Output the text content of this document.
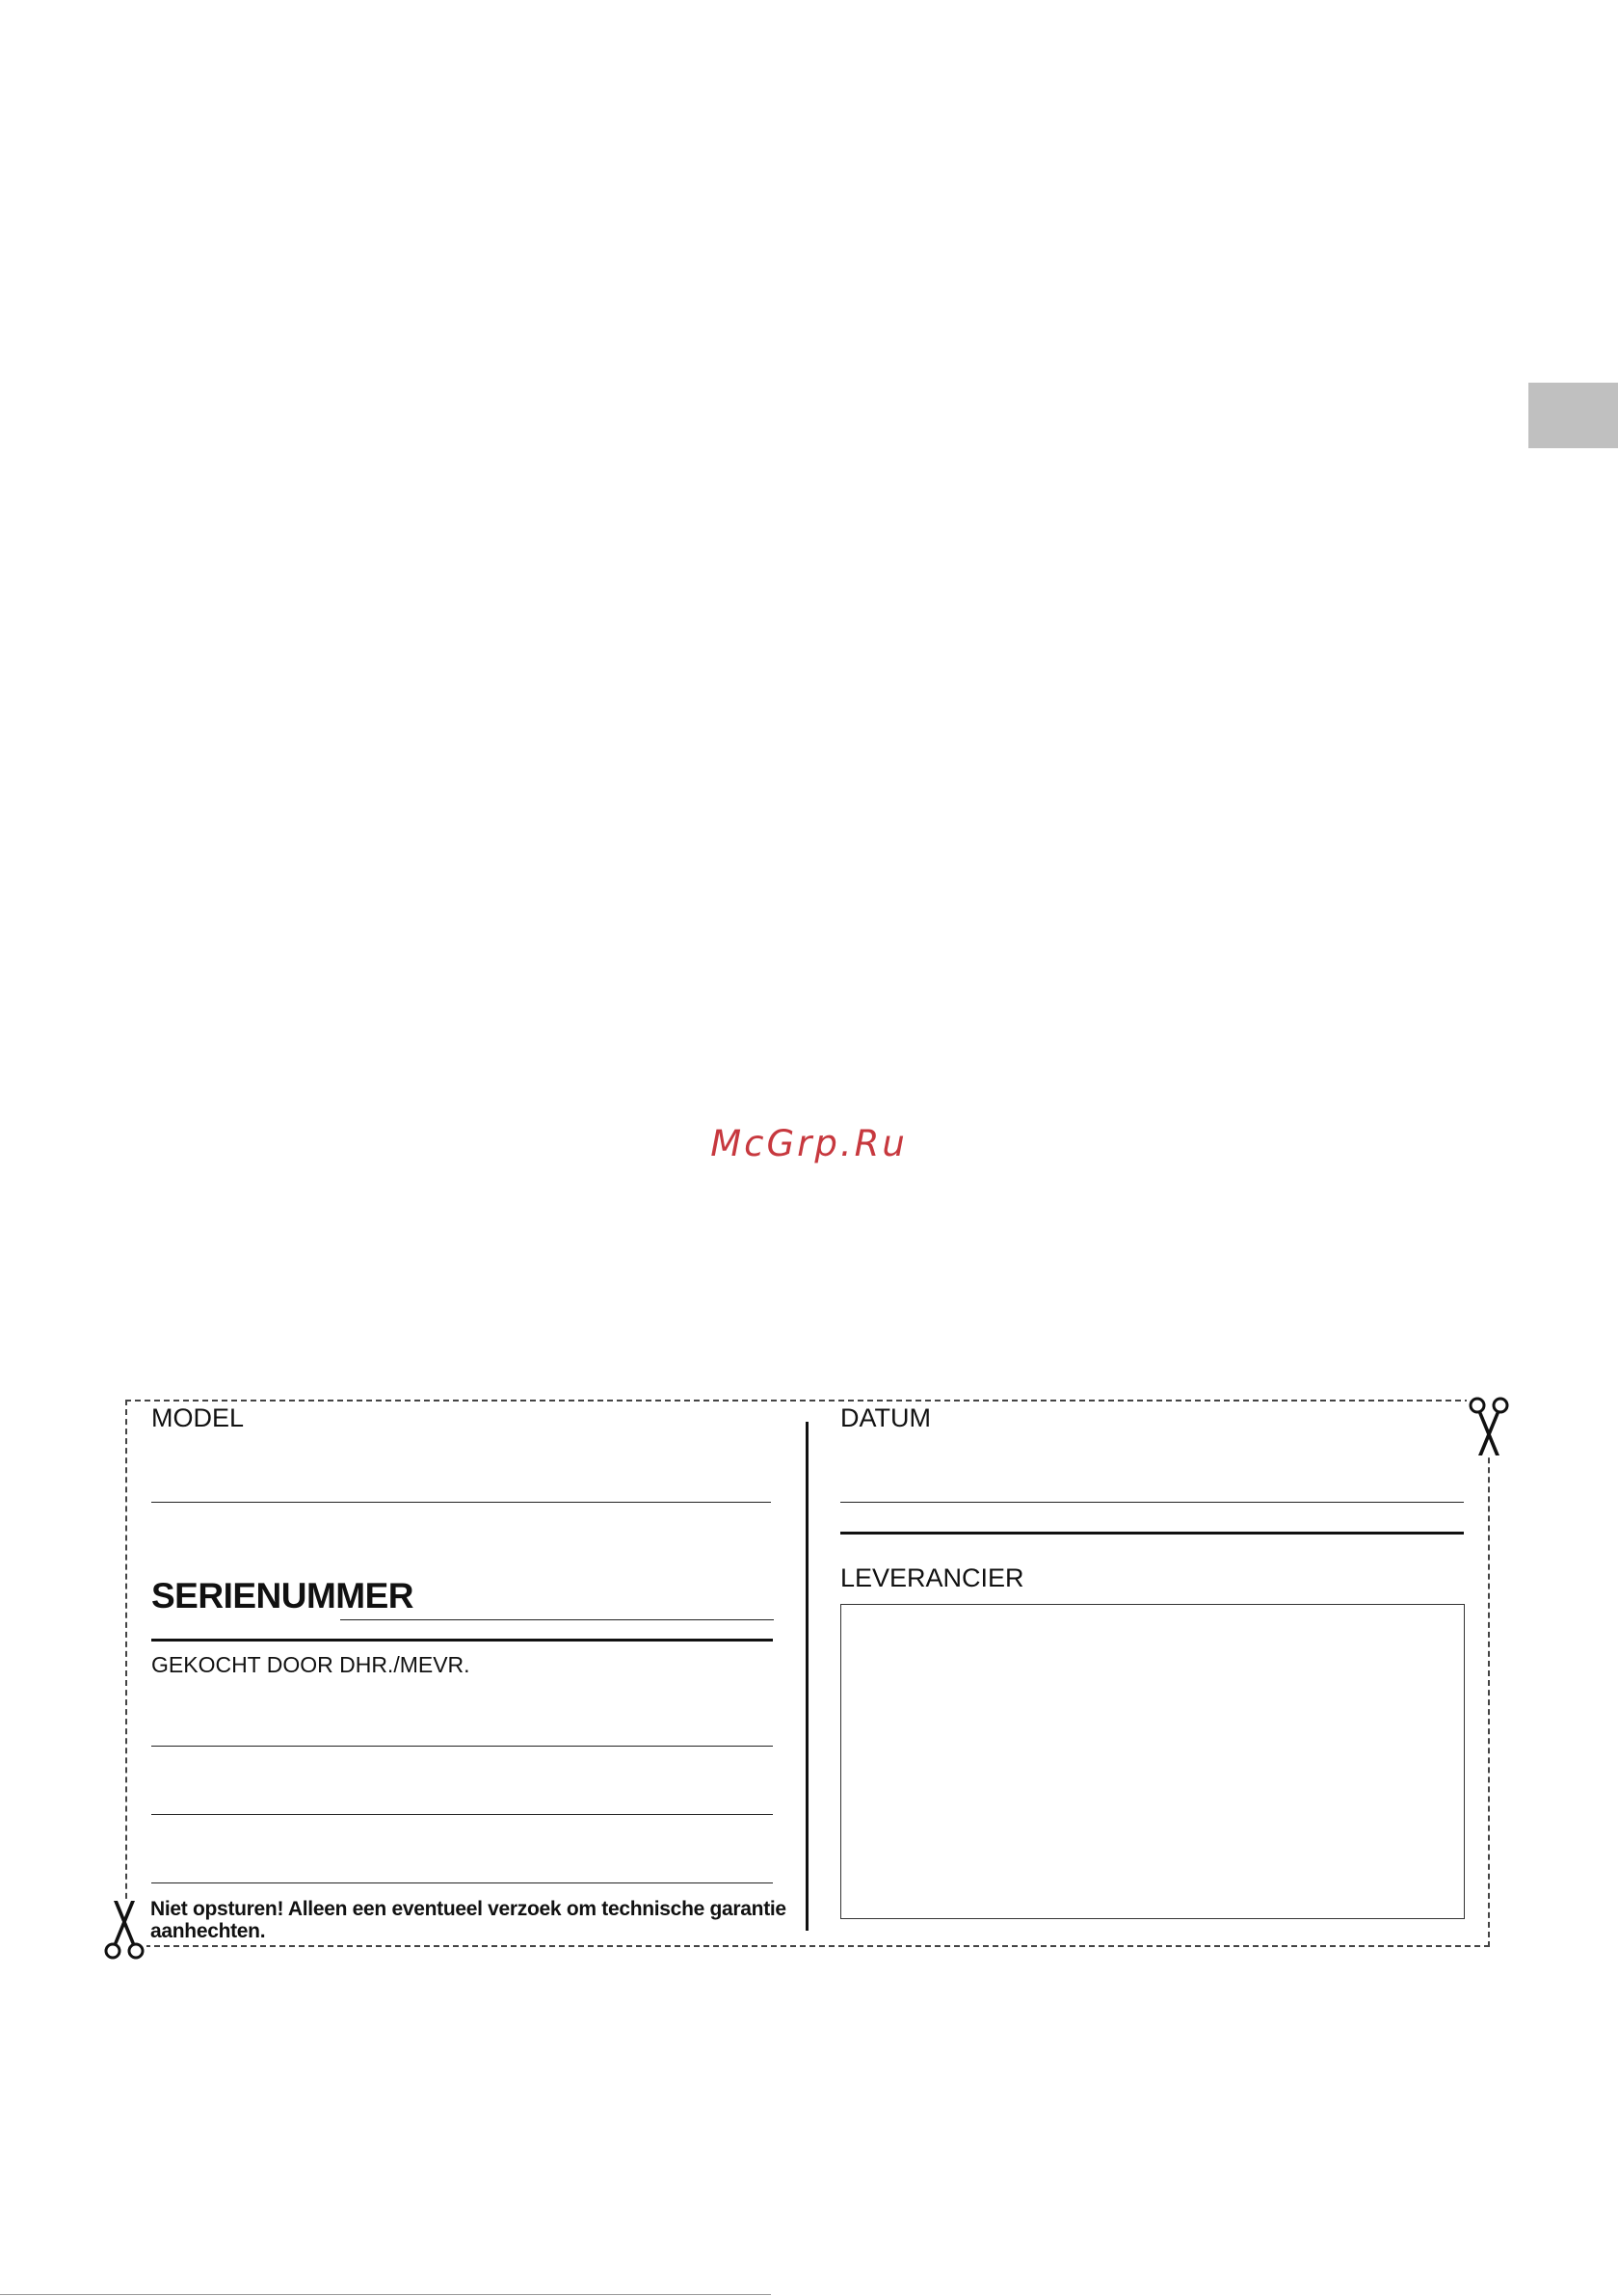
McGrp.Ru
MODEL
SERIENUMMER
GEKOCHT DOOR DHR./MEVR.
Niet opsturen! Alleen een eventueel verzoek om technische garantie aanhechten.
DATUM
LEVERANCIER
